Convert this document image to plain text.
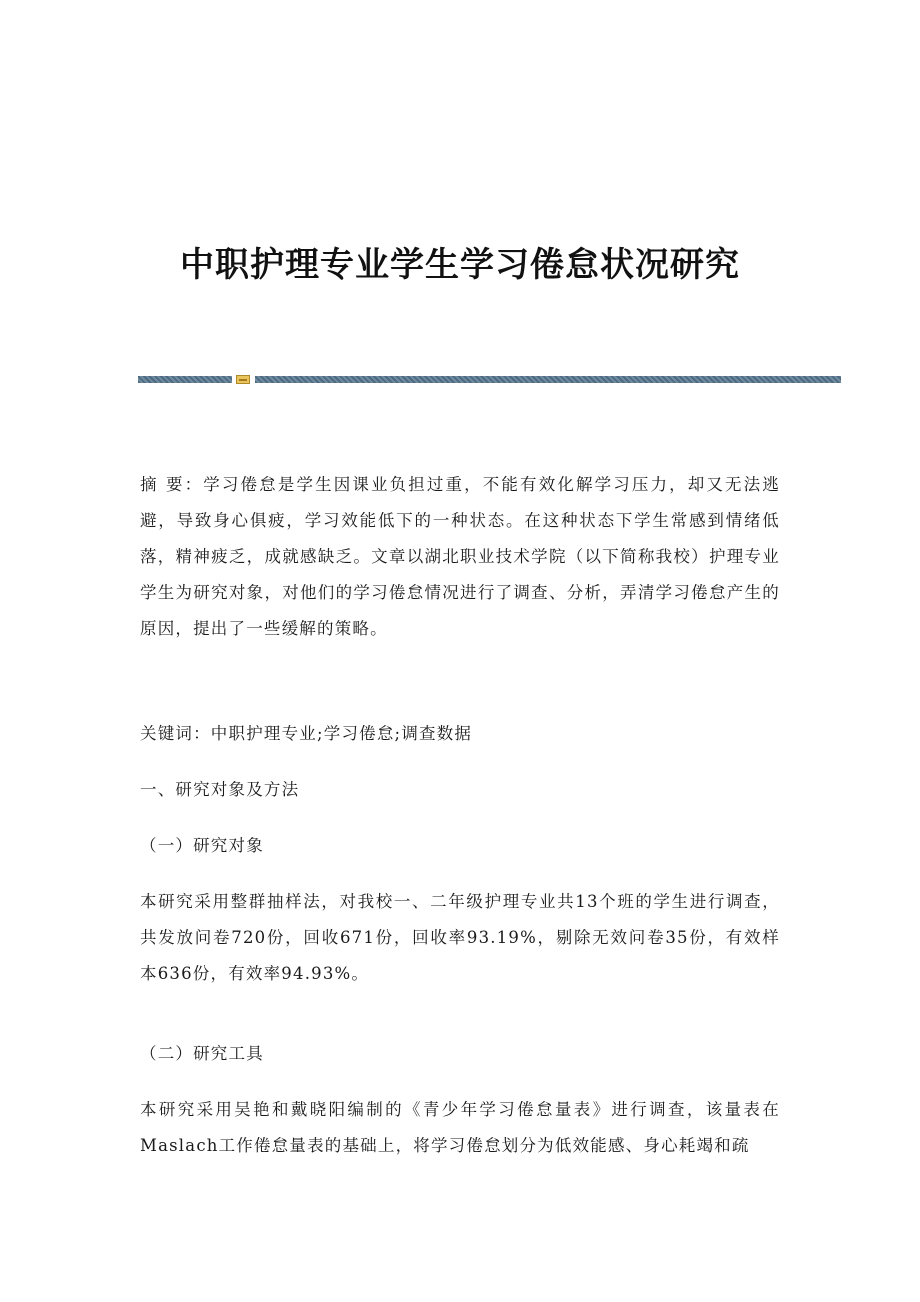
中职护理专业学生学习倦怠状况研究

摘 要：学习倦怠是学生因课业负担过重，不能有效化解学习压力，却又无法逃避，导致身心俱疲，学习效能低下的一种状态。在这种状态下学生常感到情绪低落，精神疲乏，成就感缺乏。文章以湖北职业技术学院（以下简称我校）护理专业学生为研究对象，对他们的学习倦怠情况进行了调查、分析，弄清学习倦怠产生的原因，提出了一些缓解的策略。

关键词：中职护理专业;学习倦怠;调查数据

一、研究对象及方法

（一）研究对象

本研究采用整群抽样法，对我校一、二年级护理专业共13个班的学生进行调查，共发放问卷720份，回收671份，回收率93.19%，剔除无效问卷35份，有效样本636份，有效率94.93%。

（二）研究工具

本研究采用吴艳和戴晓阳编制的《青少年学习倦怠量表》进行调查，该量表在Maslach工作倦怠量表的基础上，将学习倦怠划分为低效能感、身心耗竭和疏
